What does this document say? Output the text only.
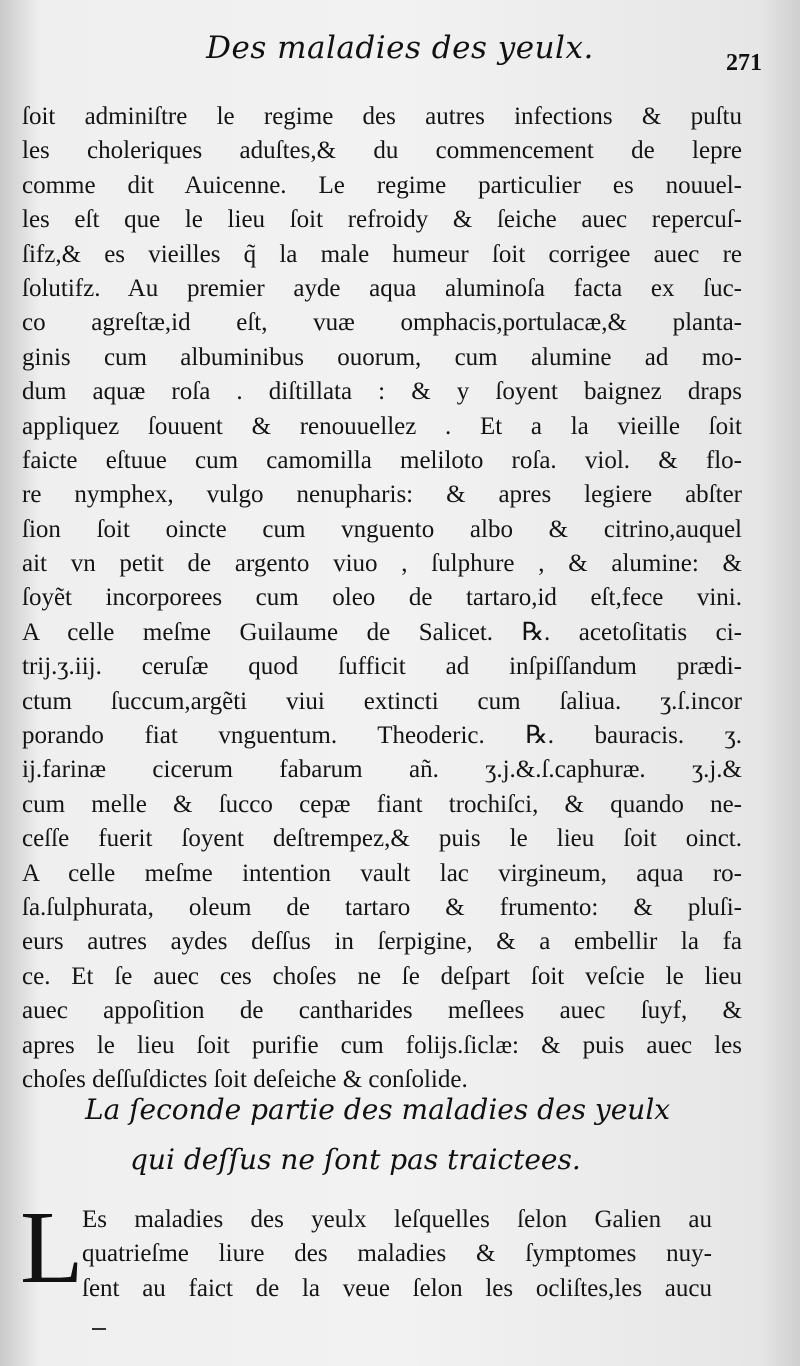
Des maladies des yeulx.	271
ſoit adminiſtre le regime des autres infections & puſtu
les choleriques aduſtes,& du commencement de lepre
comme dit Auicenne. Le regime particulier es nouuel-
les eſt que le lieu ſoit refroidy & ſeiche auec repercuſ-
ſifz,& es vieilles q̃ la male humeur ſoit corrigee auec re
ſolutifz. Au premier ayde aqua aluminoſa facta ex ſuc-
co agreſtæ,id eſt, vuæ omphacis,portulacæ,& planta-
ginis cum albuminibus ouorum, cum alumine ad mo-
dum aquæ roſa . diſtillata : & y ſoyent baignez draps
appliquez ſouuent & renouuellez . Et a la vieille ſoit
faicte eſtuue cum camomilla meliloto roſa. viol. & flo-
re nymphex, vulgo nenupharis: & apres legiere abſter
ſion ſoit oincte cum vnguento albo & citrino,auquel
ait vn petit de argento viuo , ſulphure , & alumine: &
ſoyẽt incorporees cum oleo de tartaro,id eſt,fece vini.
A celle meſme Guilaume de Salicet. ℞. acetoſitatis ci-
trij.ʒ.iij. ceruſæ quod ſufficit ad inſpiſſandum prædi-
ctum ſuccum,argẽti viui extincti cum ſaliua. ʒ.ſ.incor
porando fiat vnguentum. Theoderic. ℞. bauracis. ʒ.
ij.farinæ cicerum fabarum añ. ʒ.j.&.ſ.caphuræ. ʒ.j.&
cum melle & ſucco cepæ fiant trochiſci, & quando ne-
ceſſe fuerit ſoyent deſtrempez,& puis le lieu ſoit oinct.
A celle meſme intention vault lac virgineum, aqua ro-
ſa.ſulphurata, oleum de tartaro & frumento: & pluſi-
eurs autres aydes deſſus in ſerpigine, & a embellir la fa
ce. Et ſe auec ces choſes ne ſe deſpart ſoit veſcie le lieu
auec appoſition de cantharides meſlees auec ſuyf, &
apres le lieu ſoit purifie cum folijs.ſiclæ: & puis auec les
choſes deſſuſdictes ſoit deſeiche & conſolide.
La ſeconde partie des maladies des yeulx
qui deſſus ne ſont pas traictees.
L
Es maladies des yeulx leſquelles ſelon Galien au
quatrieſme liure des maladies & ſymptomes nuy-
ſent au faict de la veue ſelon les ocliſtes,les aucu
